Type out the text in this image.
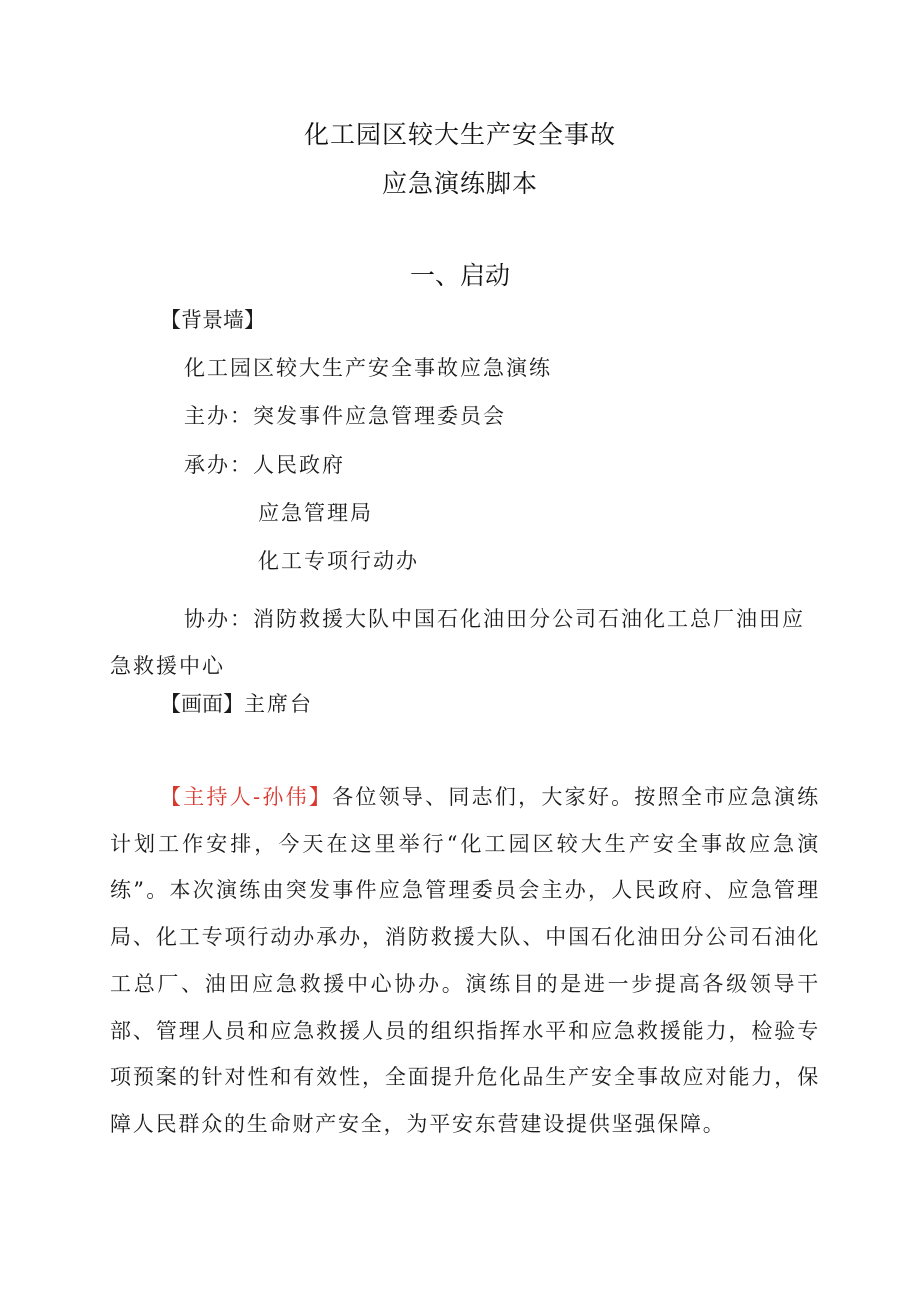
化工园区较大生产安全事故
应急演练脚本
一、启动

【背景墙】

化工园区较大生产安全事故应急演练

主办：突发事件应急管理委员会

承办：人民政府

应急管理局

化工专项行动办

协办：消防救援大队中国石化油田分公司石油化工总厂油田应急救援中心

【画面】主席台

【主持人-孙伟】各位领导、同志们，大家好。按照全市应急演练计划工作安排，今天在这里举行“化工园区较大生产安全事故应急演练”。本次演练由突发事件应急管理委员会主办，人民政府、应急管理局、化工专项行动办承办，消防救援大队、中国石化油田分公司石油化工总厂、油田应急救援中心协办。演练目的是进一步提高各级领导干部、管理人员和应急救援人员的组织指挥水平和应急救援能力，检验专项预案的针对性和有效性，全面提升危化品生产安全事故应对能力，保障人民群众的生命财产安全，为平安东营建设提供坚强保障。
